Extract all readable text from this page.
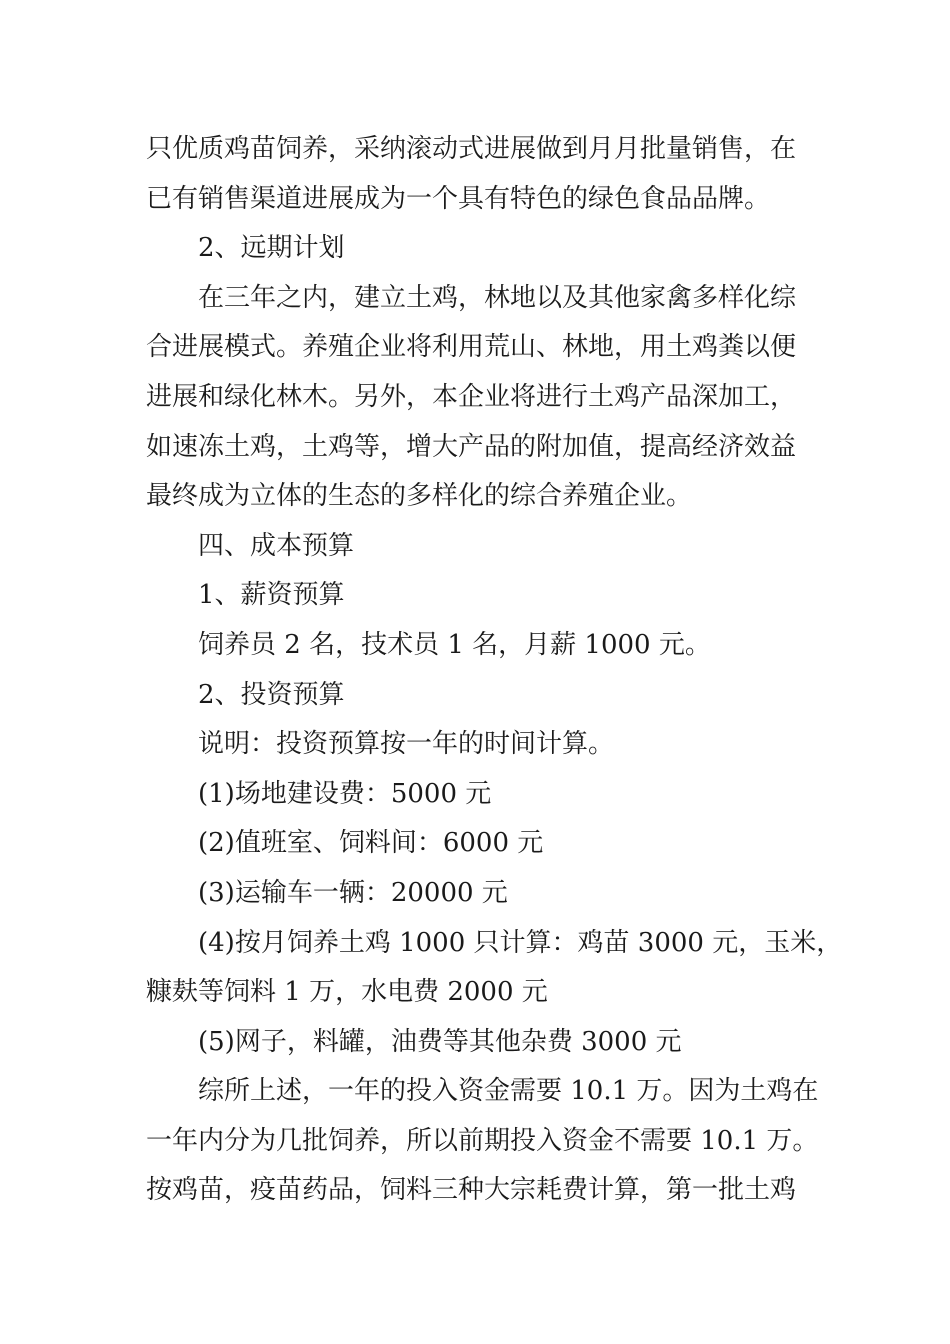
只优质鸡苗饲养，采纳滚动式进展做到月月批量销售，在

已有销售渠道进展成为一个具有特色的绿色食品品牌。

2、远期计划

在三年之内，建立土鸡，林地以及其他家禽多样化综

合进展模式。养殖企业将利用荒山、林地，用土鸡粪以便

进展和绿化林木。另外，本企业将进行土鸡产品深加工，

如速冻土鸡，土鸡等，增大产品的附加值，提高经济效益

最终成为立体的生态的多样化的综合养殖企业。

四、成本预算

1、薪资预算

饲养员 2 名，技术员 1 名，月薪 1000 元。

2、投资预算

说明：投资预算按一年的时间计算。

(1)场地建设费：5000 元

(2)值班室、饲料间：6000 元

(3)运输车一辆：20000 元

(4)按月饲养土鸡 1000 只计算：鸡苗 3000 元，玉米，

糠麸等饲料 1 万，水电费 2000 元

(5)网子，料罐，油费等其他杂费 3000 元

综所上述，一年的投入资金需要 10.1 万。因为土鸡在

一年内分为几批饲养，所以前期投入资金不需要 10.1 万。

按鸡苗，疫苗药品，饲料三种大宗耗费计算，第一批土鸡
